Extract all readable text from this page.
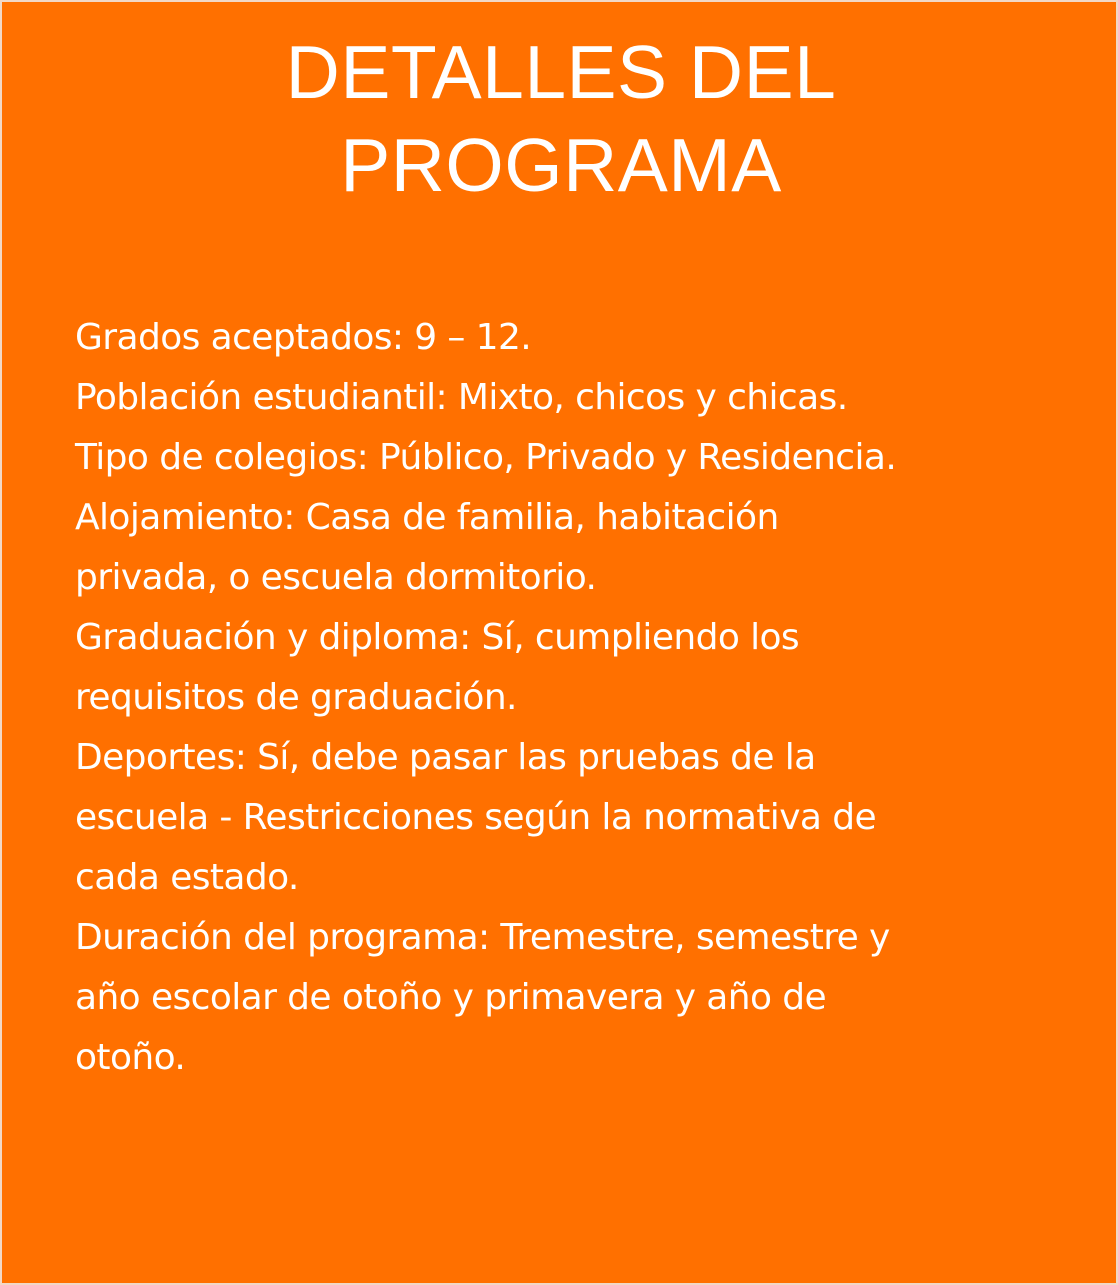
DETALLES DEL
PROGRAMA
Grados aceptados: 9 – 12.
Población estudiantil: Mixto, chicos y chicas.
Tipo de colegios: Público, Privado y Residencia.
Alojamiento: Casa de familia, habitación
privada, o escuela dormitorio.
Graduación y diploma: Sí, cumpliendo los
requisitos de graduación.
Deportes: Sí, debe pasar las pruebas de la
escuela - Restricciones según la normativa de
cada estado.
Duración del programa: Tremestre, semestre y
año escolar de otoño y primavera y año de
otoño.
